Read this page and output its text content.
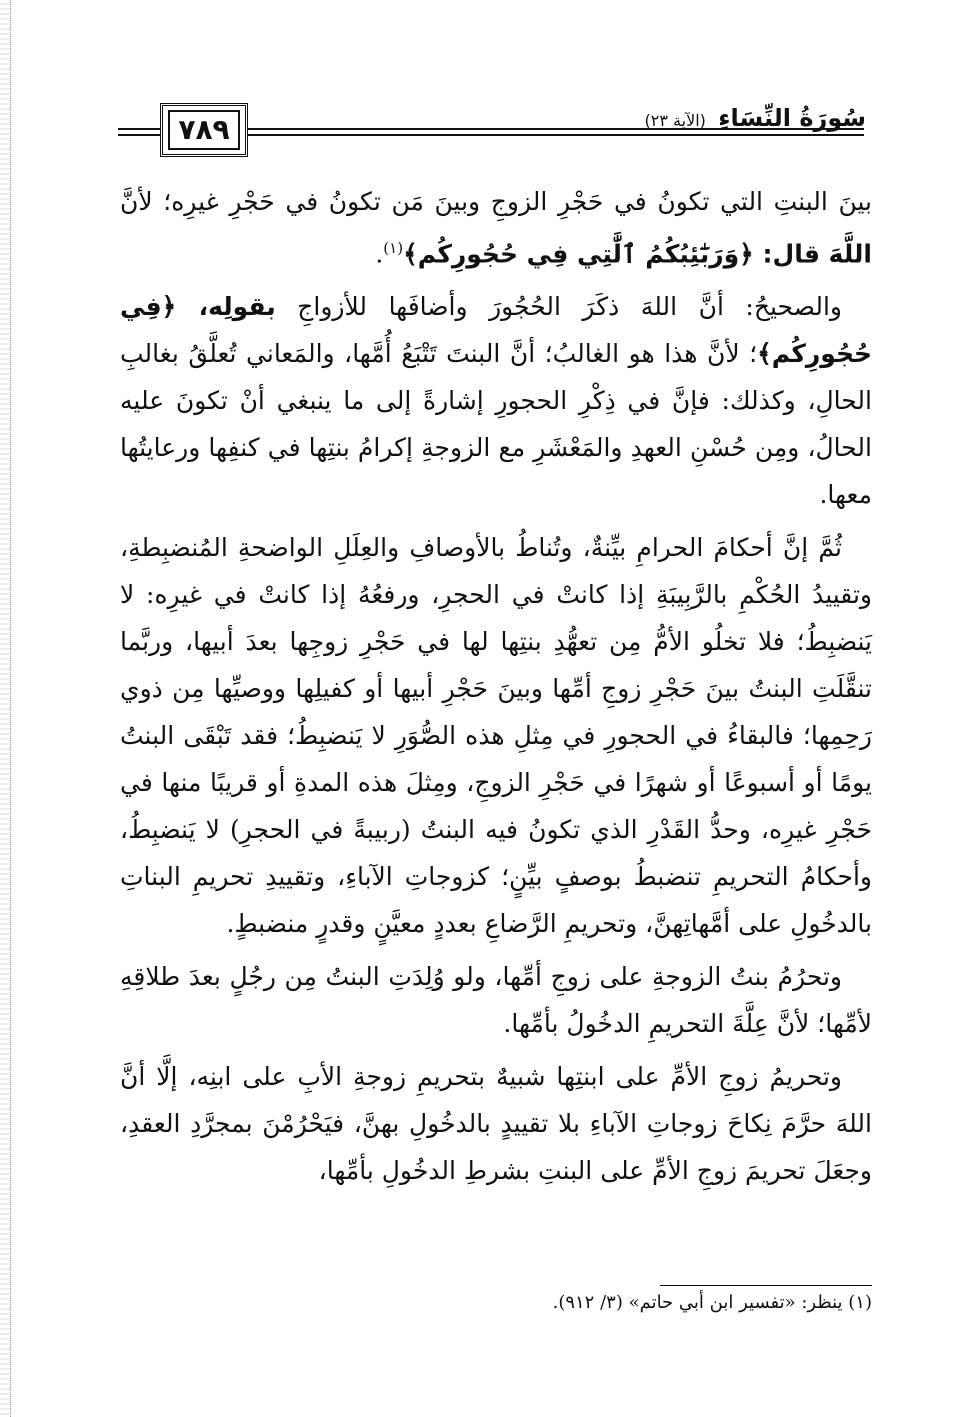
٧٨٩	سُورَةُ النِّسَاءِ (الآية ٢٣)

بينَ البنتِ التي تكونُ في حَجْرِ الزوجِ وبينَ مَن تكونُ في حَجْرِ غيرِه؛ لأنَّ اللَّهَ قال: ﴿وَرَبَٰٓئِبُكُمُ ٱلَّٰتِي فِي حُجُورِكُم﴾$^{(١)}$.

والصحيحُ: أنَّ اللهَ ذكَرَ الحُجُورَ وأضافَها للأزواجِ بقولِه، ﴿فِي حُجُورِكُم﴾؛ لأنَّ هذا هو الغالبُ؛ أنَّ البنتَ تَتْبَعُ أُمَّها، والمَعاني تُعلَّقُ بغالبِ الحالِ، وكذلك: فإنَّ في ذِكْرِ الحجورِ إشارةً إلى ما ينبغي أنْ تكونَ عليه الحالُ، ومِن حُسْنِ العهدِ والمَعْشَرِ مع الزوجةِ إكرامُ بنتِها في كنفِها ورعايتُها معها.

ثُمَّ إنَّ أحكامَ الحرامِ بيِّنةٌ، وتُناطُ بالأوصافِ والعِلَلِ الواضحةِ المُنضبِطةِ، وتقييدُ الحُكْمِ بالرَّبِيبَةِ إذا كانتْ في الحجرِ، ورفعُهُ إذا كانتْ في غيرِه: لا يَنضبِطُ؛ فلا تخلُو الأمُّ مِن تعهُّدِ بنتِها لها في حَجْرِ زوجِها بعدَ أبيها، وربَّما تنقَّلَتِ البنتُ بينَ حَجْرِ زوجِ أمِّها وبينَ حَجْرِ أبيها أو كفيلِها ووصيِّها مِن ذوي رَحِمِها؛ فالبقاءُ في الحجورِ في مِثلِ هذه الصُّوَرِ لا يَنضبِطُ؛ فقد تَبْقَى البنتُ يومًا أو أسبوعًا أو شهرًا في حَجْرِ الزوجِ، ومِثلَ هذه المدةِ أو قريبًا منها في حَجْرِ غيرِه، وحدُّ القَدْرِ الذي تكونُ فيه البنتُ (ربيبةً في الحجرِ) لا يَنضبِطُ، وأحكامُ التحريمِ تنضبطُ بوصفٍ بيِّنٍ؛ كزوجاتِ الآباءِ، وتقييدِ تحريمِ البناتِ بالدخُولِ على أمَّهاتِهنَّ، وتحريمِ الرَّضاعِ بعددٍ معيَّنٍ وقدرٍ منضبطٍ.

وتحرُمُ بنتُ الزوجةِ على زوجِ أمِّها، ولو وُلِدَتِ البنتُ مِن رجُلٍ بعدَ طلاقِهِ لأمِّها؛ لأنَّ عِلَّةَ التحريمِ الدخُولُ بأمِّها.

وتحريمُ زوجِ الأمِّ على ابنتِها شبيهٌ بتحريمِ زوجةِ الأبِ على ابنِه، إلَّا أنَّ اللهَ حرَّمَ نِكاحَ زوجاتِ الآباءِ بلا تقييدٍ بالدخُولِ بهنَّ، فيَحْرُمْنَ بمجرَّدِ العقدِ، وجعَلَ تحريمَ زوجِ الأمِّ على البنتِ بشرطِ الدخُولِ بأمِّها،

(١) ينظر: «تفسير ابن أبي حاتم» (٣/ ٩١٢).
